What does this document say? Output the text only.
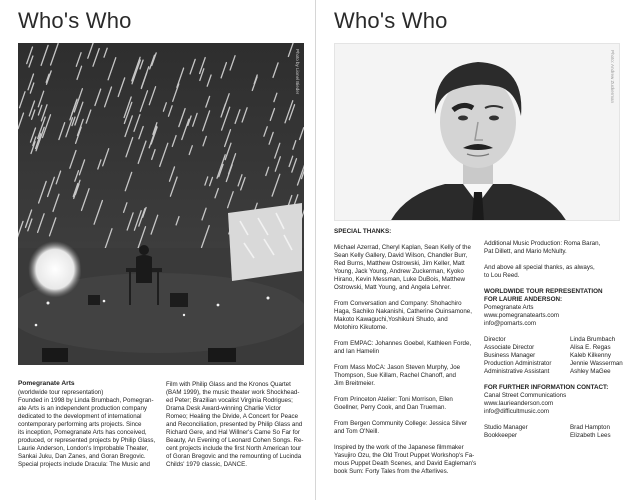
Who's Who
Photo by Lionel Bieder
Pomegranate Arts
(worldwide tour representation)
Founded in 1998 by Linda Brumbach, Pomegran-
ate Arts is an independent production company
dedicated to the development of international
contemporary performing arts projects. Since
its inception, Pomegranate Arts has conceived,
produced, or represented projects by Philip Glass,
Laurie Anderson, London's Improbable Theater,
Sankai Juku, Dan Zanes, and Goran Bregovic.
Special projects include Dracula: The Music and
Film with Philip Glass and the Kronos Quartet
(BAM 1999), the music theater work Shockhead-
ed Peter; Brazilian vocalist Virginia Rodrigues;
Drama Desk Award-winning Charlie Victor
Romeo; Healing the Divide, A Concert for Peace
and Reconciliation, presented by Philip Glass and
Richard Gere, and Hal Willner's Came So Far for
Beauty, An Evening of Leonard Cohen Songs. Re-
cent projects include the first North American tour
of Goran Bregovic and the remounting of Lucinda
Childs' 1979 classic, DANCE.
Who's Who
Photo: Andrew Zuckerman
SPECIAL THANKS:
Michael Azerrad, Cheryl Kaplan, Sean Kelly of the
Sean Kelly Gallery, David Wilson, Chandler Burr,
Red Burns, Matthew Ostrowski, Jim Keller, Matt
Young, Jack Young, Andrew Zuckerman, Kyoko
Hirano, Kevin Messman, Luke DuBois, Matthew
Ostrowski, Matt Young, and Angela Lehrer.
From Conversation and Company: Shohachiro
Haga, Sachiko Nakanishi, Catherine Ouinsamone,
Makoto Kawaguchi,Yoshikuni Shudo, and
Motohiro Kikutome.
From EMPAC: Johannes Goebel, Kathleen Forde,
and Ian Hamelin
From Mass MoCA: Jason Steven Murphy, Joe
Thompson, Sue Killam, Rachel Chanoff, and
Jim Breitmeier.
From Princeton Atelier: Toni Morrison, Ellen
Goellner, Perry Cook, and Dan Trueman.
From Bergen Community College: Jessica Silver
and Tom O'Neill.
Inspired by the work of the Japanese filmmaker
Yasujiro Ozu, the Old Trout Puppet Workshop's Fa-
mous Puppet Death Scenes, and David Eagleman's
book Sum: Forty Tales from the Afterlives.
Additional Music Production: Roma Baran,
Pat Dillett, and Mario McNulty.
And above all special thanks, as always,
to Lou Reed.
WORLDWIDE TOUR REPRESENTATION
FOR LAURIE ANDERSON:
Pomegranate Arts
www.pomegranatearts.com
info@pomarts.com
Director	Linda Brumbach
Associate Director	Alisa E. Regas
Business Manager	Kaleb Kilkenny
Production Administrator	Jennie Wasserman
Administrative Assistant	Ashley MaGee
FOR FURTHER INFORMATION CONTACT:
Canal Street Communications
www.laurieanderson.com
info@difficultmusic.com
Studio Manager	Brad Hampton
Bookkeeper	Elizabeth Lees
